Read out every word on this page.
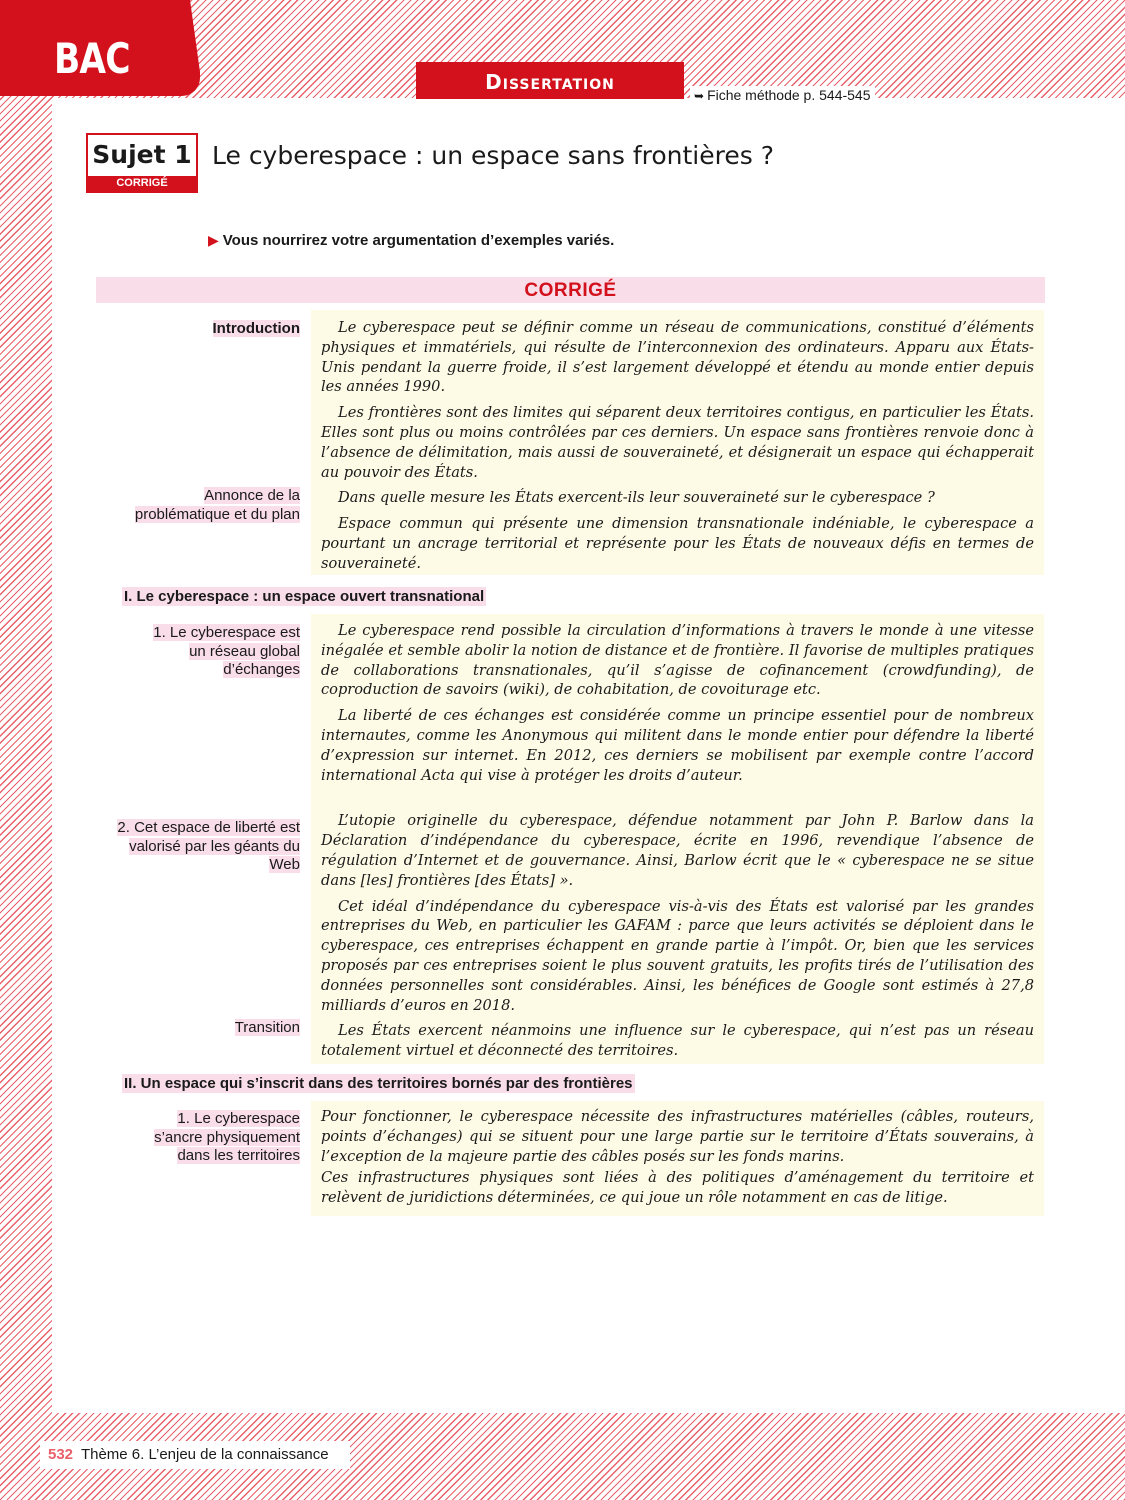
BAC	Dissertation
➥ Fiche méthode p. 544-545
Sujet 1
CORRIGÉ
Le cyberespace : un espace sans frontières ?
▶ Vous nourrirez votre argumentation d’exemples variés.
CORRIGÉ
Introduction
Annonce de la problématique et du plan

Le cyberespace peut se définir comme un réseau de communications, constitué d’éléments physiques et immatériels, qui résulte de l’interconnexion des ordinateurs. Apparu aux États-Unis pendant la guerre froide, il s’est largement développé et étendu au monde entier depuis les années 1990.

Les frontières sont des limites qui séparent deux territoires contigus, en particulier les États. Elles sont plus ou moins contrôlées par ces derniers. Un espace sans frontières renvoie donc à l’absence de délimitation, mais aussi de souveraineté, et désignerait un espace qui échapperait au pouvoir des États.

Dans quelle mesure les États exercent-ils leur souveraineté sur le cyberespace ?

Espace commun qui présente une dimension transnationale indéniable, le cyberespace a pourtant un ancrage territorial et représente pour les États de nouveaux défis en termes de souveraineté.

I. Le cyberespace : un espace ouvert transnational
1. Le cyberespace est un réseau global d’échanges
2. Cet espace de liberté est valorisé par les géants du Web
Transition

Le cyberespace rend possible la circulation d’informations à travers le monde à une vitesse inégalée et semble abolir la notion de distance et de frontière. Il favorise de multiples pratiques de collaborations transnationales, qu’il s’agisse de cofinancement (crowdfunding), de coproduction de savoirs (wiki), de cohabitation, de covoiturage etc.

La liberté de ces échanges est considérée comme un principe essentiel pour de nombreux internautes, comme les Anonymous qui militent dans le monde entier pour défendre la liberté d’expression sur internet. En 2012, ces derniers se mobilisent par exemple contre l’accord international Acta qui vise à protéger les droits d’auteur.

L’utopie originelle du cyberespace, défendue notamment par John P. Barlow dans la Déclaration d’indépendance du cyberespace, écrite en 1996, revendique l’absence de régulation d’Internet et de gouvernance. Ainsi, Barlow écrit que le « cyberespace ne se situe dans [les] frontières [des États] ».

Cet idéal d’indépendance du cyberespace vis-à-vis des États est valorisé par les grandes entreprises du Web, en particulier les GAFAM : parce que leurs activités se déploient dans le cyberespace, ces entreprises échappent en grande partie à l’impôt. Or, bien que les services proposés par ces entreprises soient le plus souvent gratuits, les profits tirés de l’utilisation des données personnelles sont considérables. Ainsi, les bénéfices de Google sont estimés à 27,8 milliards d’euros en 2018.

Les États exercent néanmoins une influence sur le cyberespace, qui n’est pas un réseau totalement virtuel et déconnecté des territoires.

II. Un espace qui s’inscrit dans des territoires bornés par des frontières
1. Le cyberespace s’ancre physiquement dans les territoires

Pour fonctionner, le cyberespace nécessite des infrastructures matérielles (câbles, routeurs, points d’échanges) qui se situent pour une large partie sur le territoire d’États souverains, à l’exception de la majeure partie des câbles posés sur les fonds marins.

Ces infrastructures physiques sont liées à des politiques d’aménagement du territoire et relèvent de juridictions déterminées, ce qui joue un rôle notamment en cas de litige.

532 Thème 6. L’enjeu de la connaissance
